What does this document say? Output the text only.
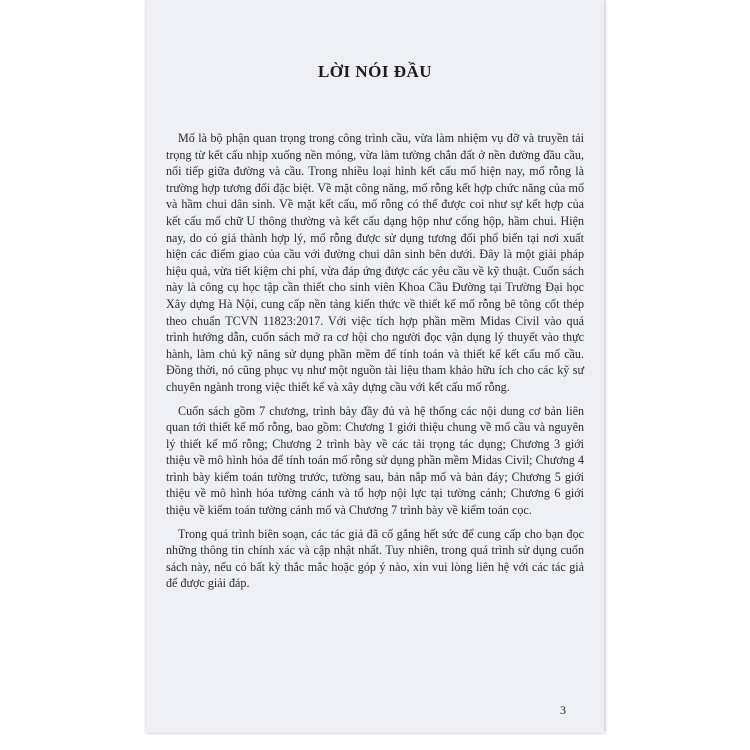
LỜI NÓI ĐẦU

Mố là bộ phận quan trọng trong công trình cầu, vừa làm nhiệm vụ đỡ và truyền tải trọng từ kết cấu nhịp xuống nền móng, vừa làm tường chắn đất ở nền đường đầu cầu, nối tiếp giữa đường và cầu. Trong nhiều loại hình kết cấu mố hiện nay, mố rỗng là trường hợp tương đối đặc biệt. Về mặt công năng, mố rỗng kết hợp chức năng của mố và hầm chui dân sinh. Về mặt kết cấu, mố rỗng có thể được coi như sự kết hợp của kết cấu mố chữ U thông thường và kết cấu dạng hộp như cống hộp, hầm chui. Hiện nay, do có giá thành hợp lý, mố rỗng được sử dụng tương đối phổ biến tại nơi xuất hiện các điểm giao của cầu với đường chui dân sinh bên dưới. Đây là một giải pháp hiệu quả, vừa tiết kiệm chi phí, vừa đáp ứng được các yêu cầu về kỹ thuật. Cuốn sách này là công cụ học tập cần thiết cho sinh viên Khoa Cầu Đường tại Trường Đại học Xây dựng Hà Nội, cung cấp nền tảng kiến thức về thiết kế mố rỗng bê tông cốt thép theo chuẩn TCVN 11823:2017. Với việc tích hợp phần mềm Midas Civil vào quá trình hướng dẫn, cuốn sách mở ra cơ hội cho người đọc vận dụng lý thuyết vào thực hành, làm chủ kỹ năng sử dụng phần mềm để tính toán và thiết kế kết cấu mố cầu. Đồng thời, nó cũng phục vụ như một nguồn tài liệu tham khảo hữu ích cho các kỹ sư chuyên ngành trong việc thiết kế và xây dựng cầu với kết cấu mố rỗng.

Cuốn sách gồm 7 chương, trình bày đầy đủ và hệ thống các nội dung cơ bản liên quan tới thiết kế mố rỗng, bao gồm: Chương 1 giới thiệu chung về mố cầu và nguyên lý thiết kế mố rỗng; Chương 2 trình bày về các tải trọng tác dụng; Chương 3 giới thiệu về mô hình hóa để tính toán mố rỗng sử dụng phần mềm Midas Civil; Chương 4 trình bày kiểm toán tường trước, tường sau, bản nắp mố và bản đáy; Chương 5 giới thiệu về mô hình hóa tường cánh và tổ hợp nội lực tại tường cánh; Chương 6 giới thiệu về kiểm toán tường cánh mố và Chương 7 trình bày về kiểm toán cọc.

Trong quá trình biên soạn, các tác giả đã cố gắng hết sức để cung cấp cho bạn đọc những thông tin chính xác và cập nhật nhất. Tuy nhiên, trong quá trình sử dụng cuốn sách này, nếu có bất kỳ thắc mắc hoặc góp ý nào, xin vui lòng liên hệ với các tác giả để được giải đáp.

3
